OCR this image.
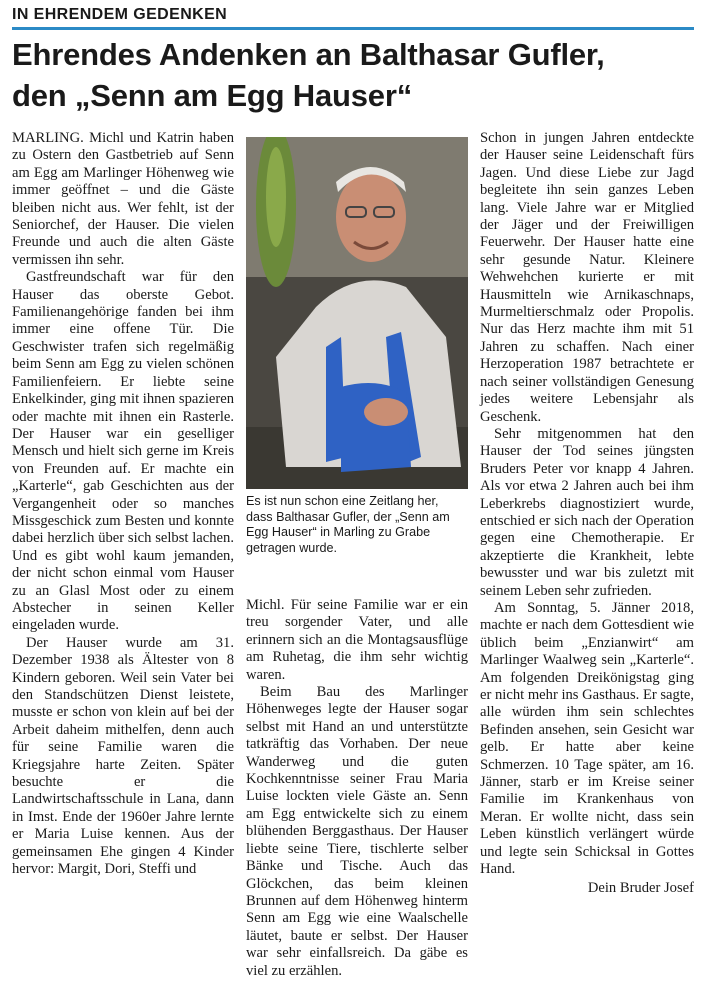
IN EHRENDEM GEDENKEN
Ehrendes Andenken an Balthasar Gufler,
den „Senn am Egg Hauser“

MARLING. Michl und Katrin haben zu Ostern den Gastbetrieb auf Senn am Egg am Marlinger Höhenweg wie immer geöffnet – und die Gäste bleiben nicht aus. Wer fehlt, ist der Seniorchef, der Hauser. Die vielen Freunde und auch die alten Gäste vermissen ihn sehr.

Gastfreundschaft war für den Hauser das oberste Gebot. Familienangehörige fanden bei ihm immer eine offene Tür. Die Geschwister trafen sich regelmäßig beim Senn am Egg zu vielen schönen Familienfeiern. Er liebte seine Enkelkinder, ging mit ihnen spazieren oder machte mit ihnen ein Rasterle. Der Hauser war ein geselliger Mensch und hielt sich gerne im Kreis von Freunden auf. Er machte ein „Karterle“, gab Geschichten aus der Vergangenheit oder so manches Missgeschick zum Besten und konnte dabei herzlich über sich selbst lachen. Und es gibt wohl kaum jemanden, der nicht schon einmal vom Hauser zu an Glasl Most oder zu einem Abstecher in seinen Keller eingeladen wurde.

Der Hauser wurde am 31. Dezember 1938 als Ältester von 8 Kindern geboren. Weil sein Vater bei den Standschützen Dienst leistete, musste er schon von klein auf bei der Arbeit daheim mithelfen, denn auch für seine Familie waren die Kriegsjahre harte Zeiten. Später besuchte er die Landwirtschaftsschule in Lana, dann in Imst. Ende der 1960er Jahre lernte er Maria Luise kennen. Aus der gemeinsamen Ehe gingen 4 Kinder hervor: Margit, Dori, Steffi und

Es ist nun schon eine Zeitlang her, dass Balthasar Gufler, der „Senn am Egg Hauser“ in Marling zu Grabe getragen wurde.

Michl. Für seine Familie war er ein treu sorgender Vater, und alle erinnern sich an die Montagsausflüge am Ruhetag, die ihm sehr wichtig waren.

Beim Bau des Marlinger Höhenweges legte der Hauser sogar selbst mit Hand an und unterstützte tatkräftig das Vorhaben. Der neue Wanderweg und die guten Kochkenntnisse seiner Frau Maria Luise lockten viele Gäste an. Senn am Egg entwickelte sich zu einem blühenden Berggasthaus. Der Hauser liebte seine Tiere, tischlerte selber Bänke und Tische. Auch das Glöckchen, das beim kleinen Brunnen auf dem Höhenweg hinterm Senn am Egg wie eine Waalschelle läutet, baute er selbst. Der Hauser war sehr einfallsreich. Da gäbe es viel zu erzählen.

Schon in jungen Jahren entdeckte der Hauser seine Leidenschaft fürs Jagen. Und diese Liebe zur Jagd begleitete ihn sein ganzes Leben lang. Viele Jahre war er Mitglied der Jäger und der Freiwilligen Feuerwehr. Der Hauser hatte eine sehr gesunde Natur. Kleinere Wehwehchen kurierte er mit Hausmitteln wie Arnikaschnaps, Murmeltierschmalz oder Propolis. Nur das Herz machte ihm mit 51 Jahren zu schaffen. Nach einer Herzoperation 1987 betrachtete er nach seiner vollständigen Genesung jedes weitere Lebensjahr als Geschenk.

Sehr mitgenommen hat den Hauser der Tod seines jüngsten Bruders Peter vor knapp 4 Jahren. Als vor etwa 2 Jahren auch bei ihm Leberkrebs diagnostiziert wurde, entschied er sich nach der Operation gegen eine Chemotherapie. Er akzeptierte die Krankheit, lebte bewusster und war bis zuletzt mit seinem Leben sehr zufrieden.

Am Sonntag, 5. Jänner 2018, machte er nach dem Gottesdient wie üblich beim „Enzianwirt“ am Marlinger Waalweg sein „Karterle“. Am folgenden Dreikönigstag ging er nicht mehr ins Gasthaus. Er sagte, alle würden ihm sein schlechtes Befinden ansehen, sein Gesicht war gelb. Er hatte aber keine Schmerzen. 10 Tage später, am 16. Jänner, starb er im Kreise seiner Familie im Krankenhaus von Meran. Er wollte nicht, dass sein Leben künstlich verlängert würde und legte sein Schicksal in Gottes Hand.

Dein Bruder Josef
